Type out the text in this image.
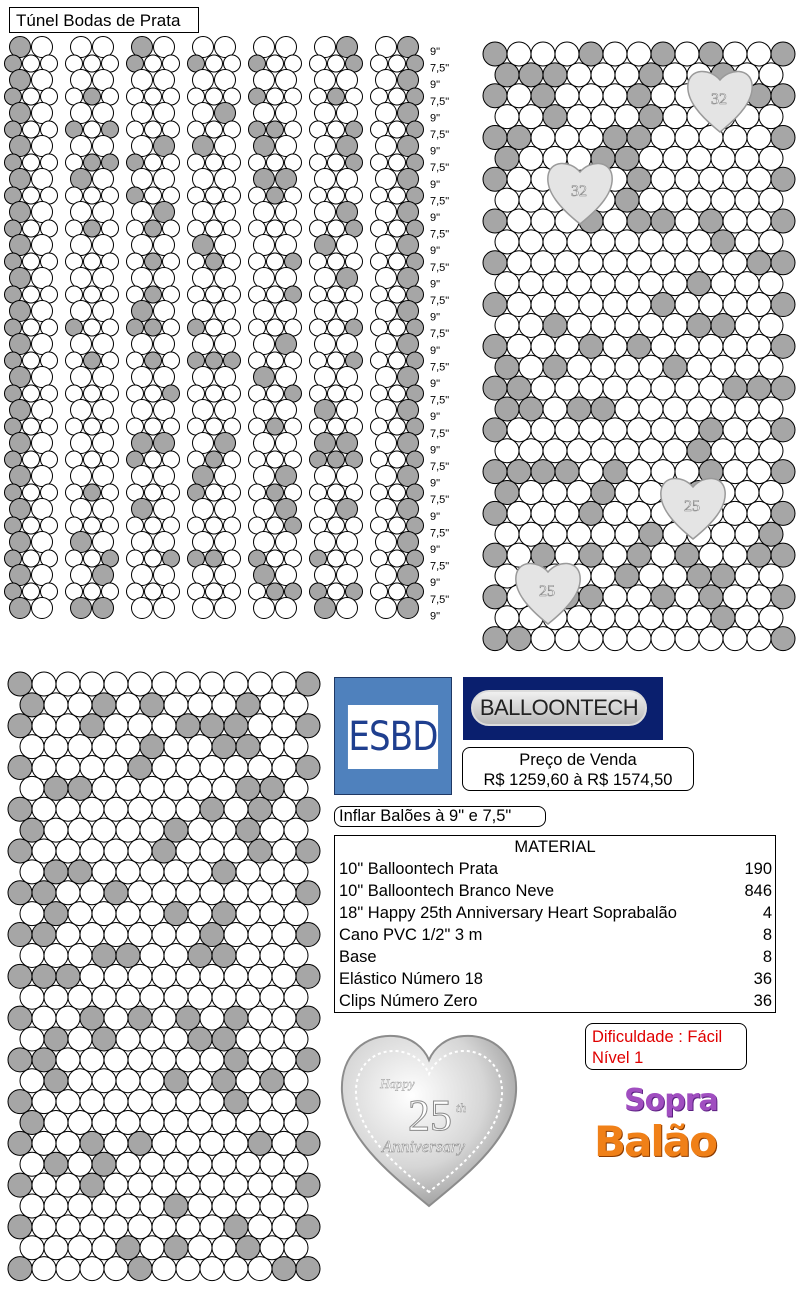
Túnel Bodas de Prata
9"
7,5"
9"
7,5"
9"
7,5"
9"
7,5"
9"
7,5"
9"
7,5"
9"
7,5"
9"
7,5"
9"
7,5"
9"
7,5"
9"
7,5"
9"
7,5"
9"
7,5"
9"
7,5"
9"
7,5"
9"
7,5"
9"
7,5"
9"
32
32
25
25
ESBD
BALLOONTECH
Preço de Venda
R$ 1259,60 à R$ 1574,50
Inflar Balões à 9" e 7,5"
MATERIAL
10" Balloontech Prata	190
10" Balloontech Branco Neve	846
18" Happy 25th Anniversary Heart Soprabalão	4
Cano PVC 1/2" 3 m	8
Base	8
Elástico Número 18	36
Clips Número Zero	36
Dificuldade : Fácil
Nível 1
Happy
25 th
Anniversary
Sopra
Balão
